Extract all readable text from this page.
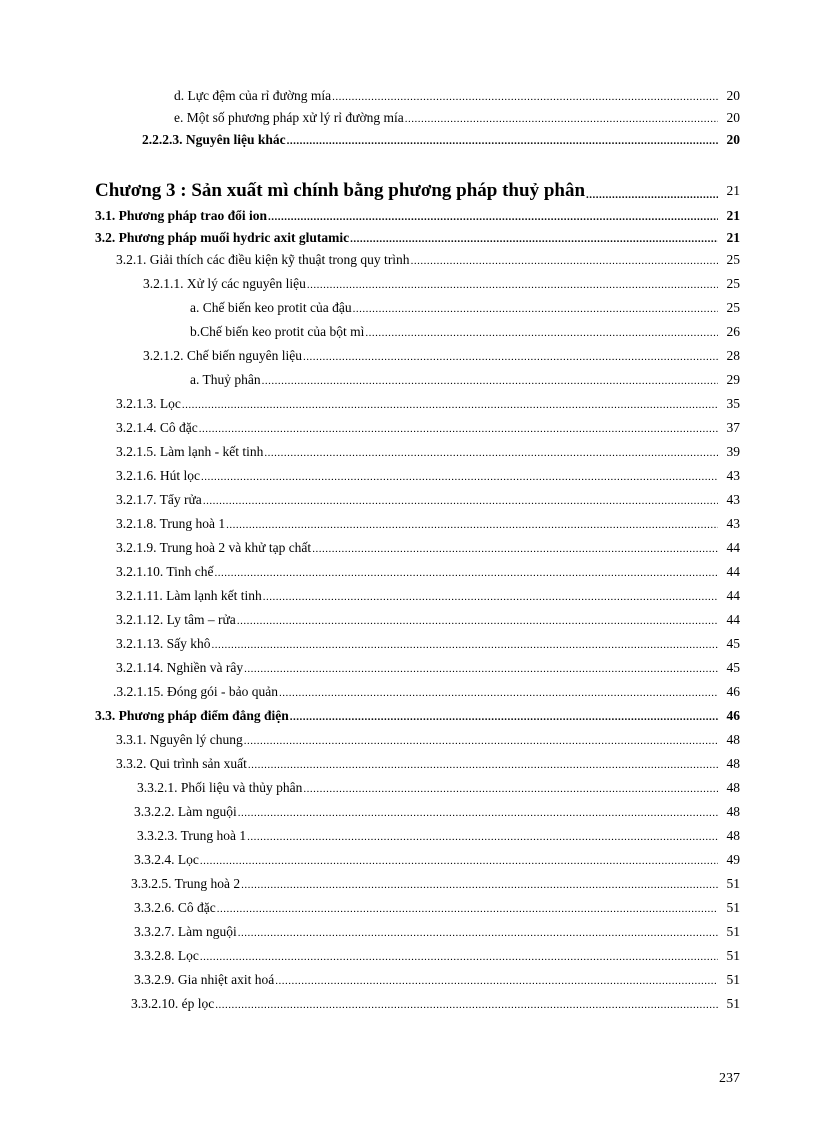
d. Lực đệm của rỉ đường mía .....	20
e. Một số phương pháp xử lý rỉ đường mía .....	20
2.2.2.3. Nguyên liệu khác .....	20
Chương 3 : Sản xuất mì chính bằng phương pháp thuỷ phân .....	21
3.1. Phương pháp trao đổi ion .....	21
3.2. Phương pháp muối hydric axit glutamic .....	21
3.2.1. Giải thích các điều kiện kỹ thuật trong quy trình .....	25
3.2.1.1. Xử lý các nguyên liệu .....	25
a. Chế biến keo protit của đậu .....	25
b.Chế biến keo protit của bột mì .....	26
3.2.1.2. Chế biến nguyên liệu .....	28
a. Thuỷ phân .....	29
3.2.1.3. Lọc .....	35
3.2.1.4. Cô đặc .....	37
3.2.1.5. Làm lạnh - kết tinh .....	39
3.2.1.6. Hút lọc .....	43
3.2.1.7. Tẩy rửa .....	43
3.2.1.8. Trung hoà 1 .....	43
3.2.1.9. Trung hoà 2 và khử tạp chất .....	44
3.2.1.10. Tinh chế .....	44
3.2.1.11. Làm lạnh kết tinh .....	44
3.2.1.12. Ly tâm – rửa .....	44
3.2.1.13. Sấy khô .....	45
3.2.1.14. Nghiền và rây .....	45
.3.2.1.15. Đóng gói - bảo quản .....	46
3.3. Phương pháp điểm đẳng điện .....	46
3.3.1. Nguyên lý chung .....	48
3.3.2. Qui trình sản xuất .....	48
3.3.2.1. Phối liệu và thủy phân .....	48
3.3.2.2. Làm nguội .....	48
3.3.2.3. Trung hoà 1 .....	48
3.3.2.4. Lọc .....	49
3.3.2.5. Trung hoà 2 .....	51
3.3.2.6. Cô đặc .....	51
3.3.2.7. Làm nguội .....	51
3.3.2.8. Lọc .....	51
3.3.2.9. Gia nhiệt axit hoá .....	51
3.3.2.10. ép lọc .....	51
237
